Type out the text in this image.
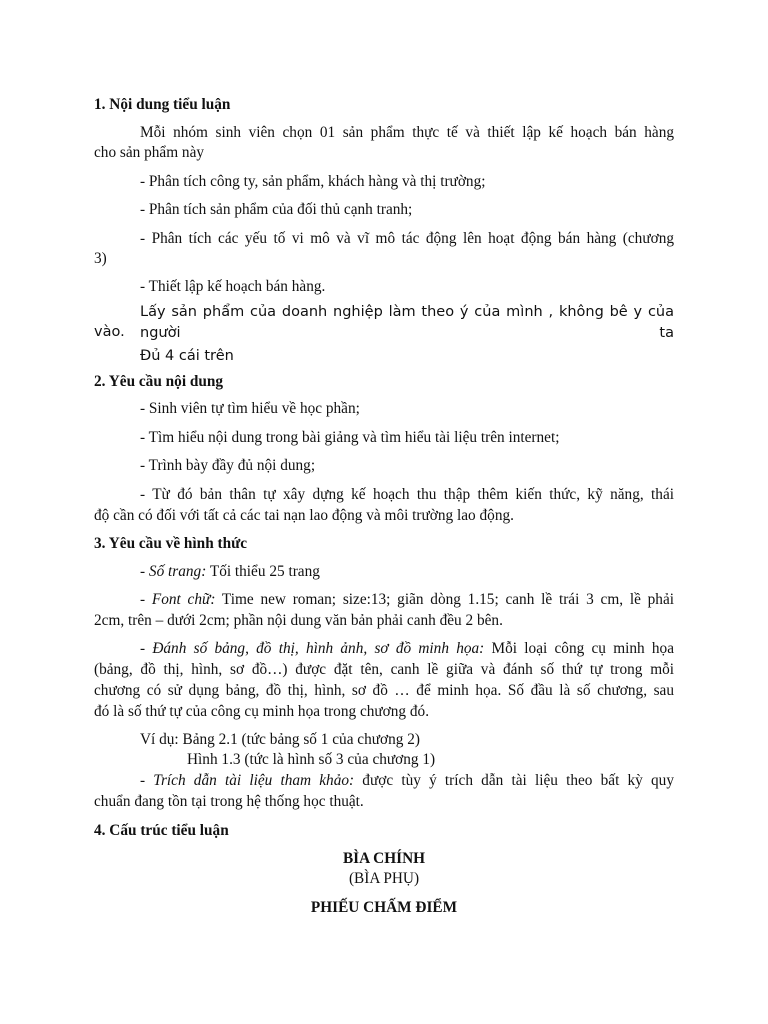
1. Nội dung tiểu luận

Mỗi nhóm sinh viên chọn 01 sản phẩm thực tế và thiết lập kế hoạch bán hàng

cho sản phẩm này

- Phân tích công ty, sản phẩm, khách hàng và thị trường;

- Phân tích sản phẩm của đối thủ cạnh tranh;

- Phân tích các yếu tố vi mô và vĩ mô tác động lên hoạt động bán hàng (chương

3)

- Thiết lập kế hoạch bán hàng.

Lấy sản phẩm của doanh nghiệp làm theo ý của mình , không bê y của người ta

vào.

Đủ 4 cái trên

2. Yêu cầu nội dung

- Sinh viên tự tìm hiểu về học phần;

- Tìm hiểu nội dung trong bài giảng và tìm hiểu tài liệu trên internet;

- Trình bày đầy đủ nội dung;

- Từ đó bản thân tự xây dựng kế hoạch thu thập thêm kiến thức, kỹ năng, thái

độ cần có đối với tất cả các tai nạn lao động và môi trường lao động.

3. Yêu cầu về hình thức

- Số trang: Tối thiểu 25 trang

- Font chữ: Time new roman; size:13; giãn dòng 1.15; canh lề trái 3 cm, lề phải

2cm, trên – dưới 2cm; phần nội dung văn bản phải canh đều 2 bên.

- Đánh số bảng, đồ thị, hình ảnh, sơ đồ minh họa: Mỗi loại công cụ minh họa

(bảng, đồ thị, hình, sơ đồ…) được đặt tên, canh lề giữa và đánh số thứ tự trong mỗi

chương có sử dụng bảng, đồ thị, hình, sơ đồ … để minh họa. Số đầu là số chương, sau

đó là số thứ tự của công cụ minh họa trong chương đó.

Ví dụ: Bảng 2.1 (tức bảng số 1 của chương 2)

Hình 1.3 (tức là hình số 3 của chương 1)

- Trích dẫn tài liệu tham khảo: được tùy ý trích dẫn tài liệu theo bất kỳ quy

chuẩn đang tồn tại trong hệ thống học thuật.

4. Cấu trúc tiểu luận

BÌA CHÍNH

(BÌA PHỤ)

PHIẾU CHẤM ĐIỂM
